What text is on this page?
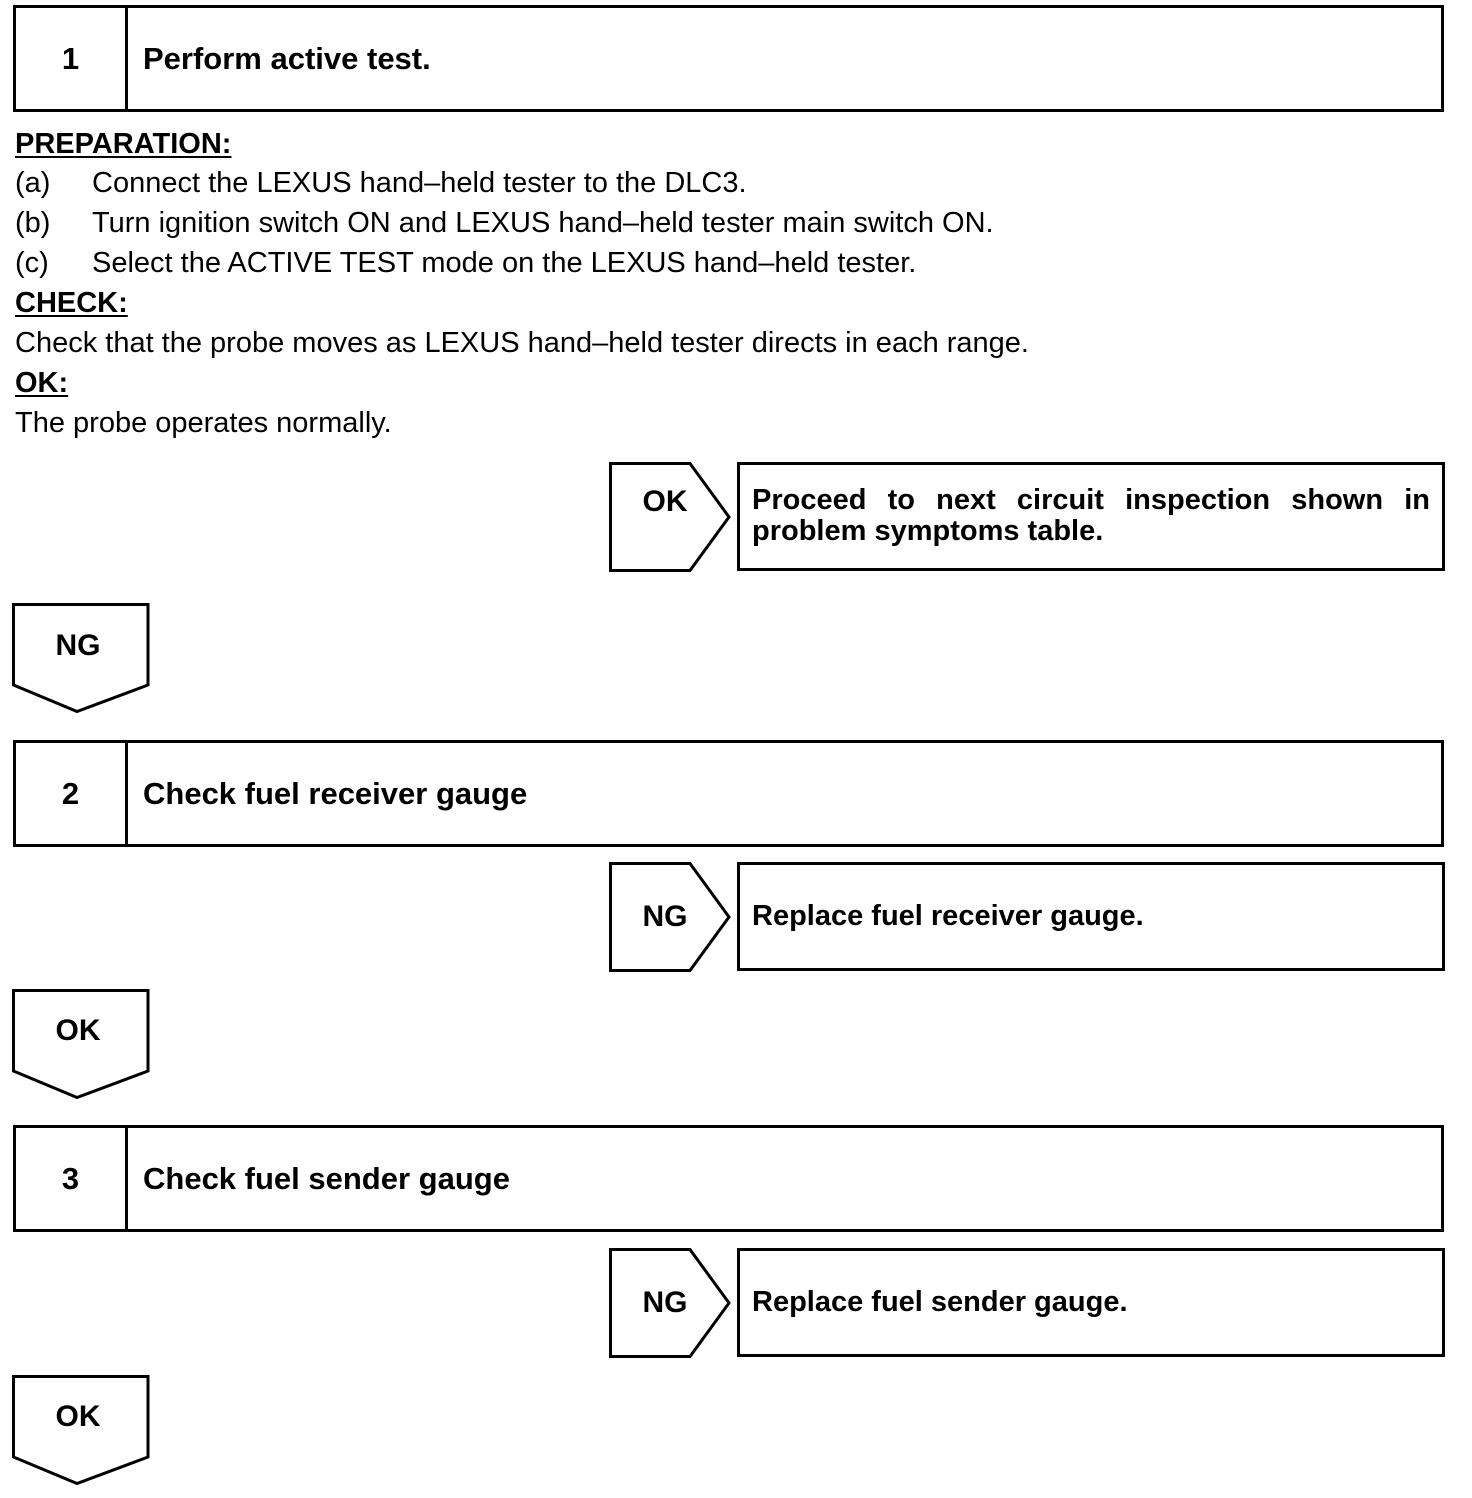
1	Perform active test.
PREPARATION:
(a) Connect the LEXUS hand–held tester to the DLC3.
(b) Turn ignition switch ON and LEXUS hand–held tester main switch ON.
(c) Select the ACTIVE TEST mode on the LEXUS hand–held tester.
CHECK:
Check that the probe moves as LEXUS hand–held tester directs in each range.
OK:
The probe operates normally.
OK	Proceed to next circuit inspection shown in problem symptoms table.
NG
2	Check fuel receiver gauge
NG	Replace fuel receiver gauge.
OK
3	Check fuel sender gauge
NG	Replace fuel sender gauge.
OK
